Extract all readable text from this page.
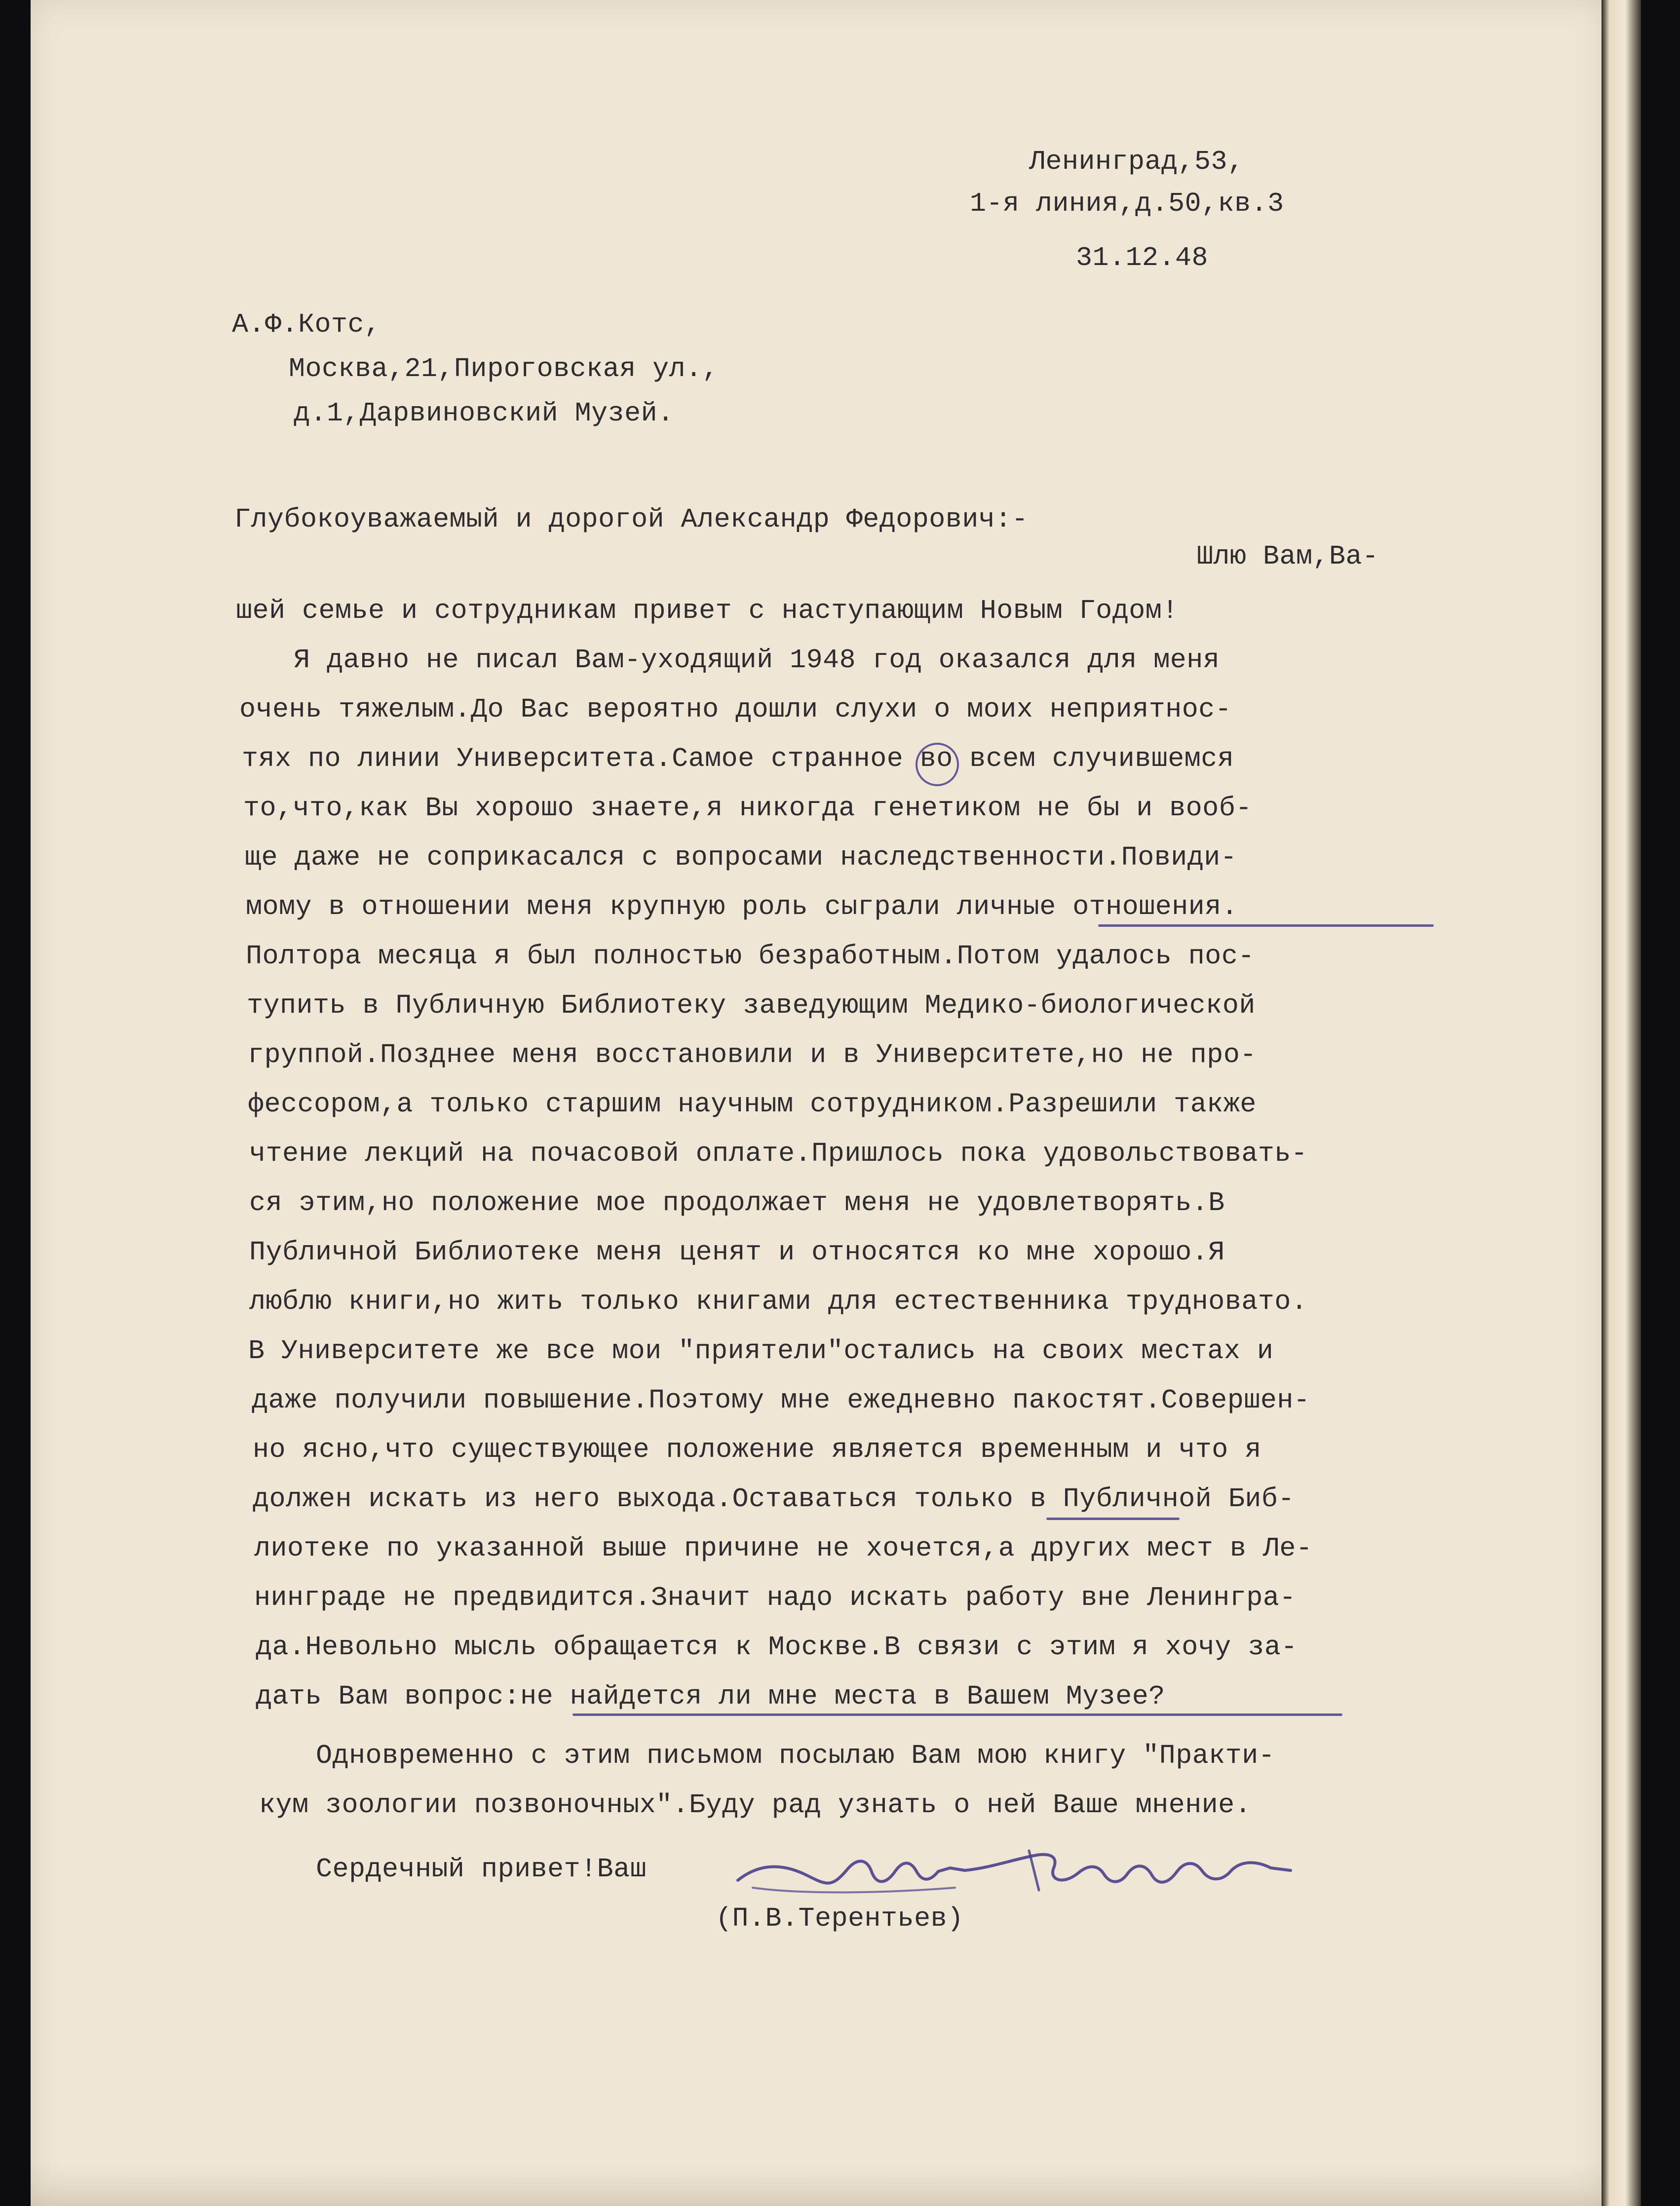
Ленинград,53,
1-я линия,д.50,кв.3
31.12.48
А.Ф.Котс,
Москва,21,Пироговская ул.,
д.1,Дарвиновский Музей.
Глубокоуважаемый и дорогой Александр Федорович:-
Шлю Вам,Ва-
шей семье и сотрудникам привет с наступающим Новым Годом!
Я давно не писал Вам-уходящий 1948 год оказался для меня
очень тяжелым.До Вас вероятно дошли слухи о моих неприятнос-
тях по линии Университета.Самое странное во всем случившемся
то,что,как Вы хорошо знаете,я никогда генетиком не бы и вооб-
ще даже не соприкасался с вопросами наследственности.Повиди-
мому в отношении меня крупную роль сыграли личные отношения.
Полтора месяца я был полностью безработным.Потом удалось пос-
тупить в Публичную Библиотеку заведующим Медико-биологической
группой.Позднее меня восстановили и в Университете,но не про-
фессором,а только старшим научным сотрудником.Разрешили также
чтение лекций на почасовой оплате.Пришлось пока удовольствовать-
ся этим,но положение мое продолжает меня не удовлетворять.В
Публичной Библиотеке меня ценят и относятся ко мне хорошо.Я
люблю книги,но жить только книгами для естественника трудновато.
В Университете же все мои "приятели"остались на своих местах и
даже получили повышение.Поэтому мне ежедневно пакостят.Совершен-
но ясно,что существующее положение является временным и что я
должен искать из него выхода.Оставаться только в Публичной Биб-
лиотеке по указанной выше причине не хочется,а других мест в Ле-
нинграде не предвидится.Значит надо искать работу вне Ленингра-
да.Невольно мысль обращается к Москве.В связи с этим я хочу за-
дать Вам вопрос:не найдется ли мне места в Вашем Музее?
Одновременно с этим письмом посылаю Вам мою книгу "Практи-
кум зоологии позвоночных".Буду рад узнать о ней Ваше мнение.
Сердечный привет!Ваш
(П.В.Терентьев)
